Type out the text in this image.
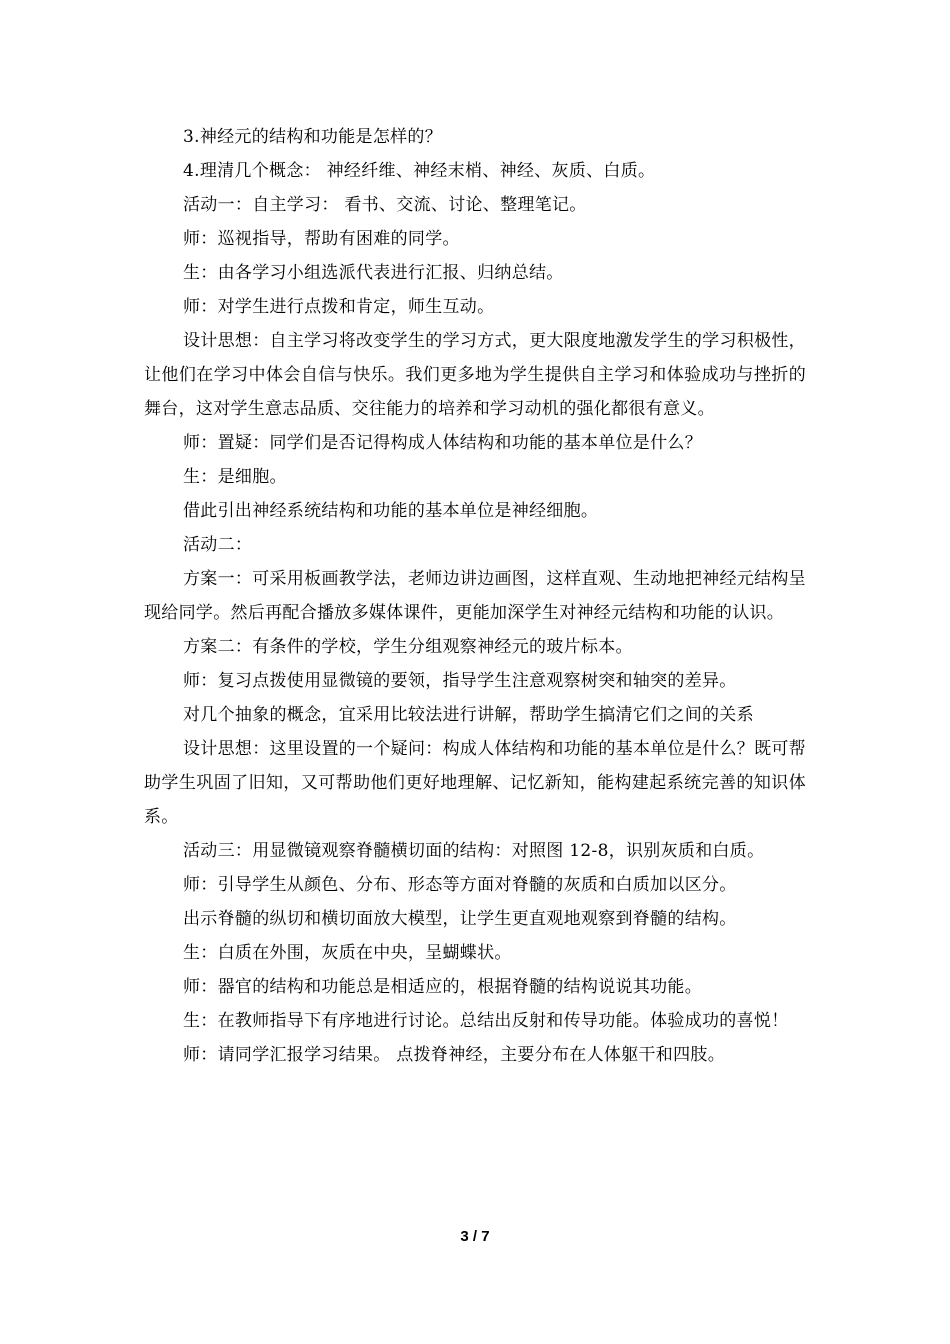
3.神经元的结构和功能是怎样的？

4.理清几个概念： 神经纤维、神经末梢、神经、灰质、白质。

活动一：自主学习： 看书、交流、讨论、整理笔记。

师：巡视指导，帮助有困难的同学。

生：由各学习小组选派代表进行汇报、归纳总结。

师：对学生进行点拨和肯定，师生互动。

设计思想：自主学习将改变学生的学习方式，更大限度地激发学生的学习积极性，让他们在学习中体会自信与快乐。我们更多地为学生提供自主学习和体验成功与挫折的舞台，这对学生意志品质、交往能力的培养和学习动机的强化都很有意义。

师：置疑：同学们是否记得构成人体结构和功能的基本单位是什么？

生：是细胞。

借此引出神经系统结构和功能的基本单位是神经细胞。

活动二：

方案一：可采用板画教学法，老师边讲边画图，这样直观、生动地把神经元结构呈现给同学。然后再配合播放多媒体课件，更能加深学生对神经元结构和功能的认识。

方案二：有条件的学校，学生分组观察神经元的玻片标本。

师：复习点拨使用显微镜的要领，指导学生注意观察树突和轴突的差异。

对几个抽象的概念，宜采用比较法进行讲解，帮助学生搞清它们之间的关系

设计思想：这里设置的一个疑问：构成人体结构和功能的基本单位是什么？既可帮助学生巩固了旧知，又可帮助他们更好地理解、记忆新知，能构建起系统完善的知识体系。

活动三：用显微镜观察脊髓横切面的结构：对照图 12-8，识别灰质和白质。

师：引导学生从颜色、分布、形态等方面对脊髓的灰质和白质加以区分。

出示脊髓的纵切和横切面放大模型，让学生更直观地观察到脊髓的结构。

生：白质在外围，灰质在中央，呈蝴蝶状。

师：器官的结构和功能总是相适应的，根据脊髓的结构说说其功能。

生：在教师指导下有序地进行讨论。总结出反射和传导功能。体验成功的喜悦！

师：请同学汇报学习结果。 点拨脊神经，主要分布在人体躯干和四肢。

3 / 7
